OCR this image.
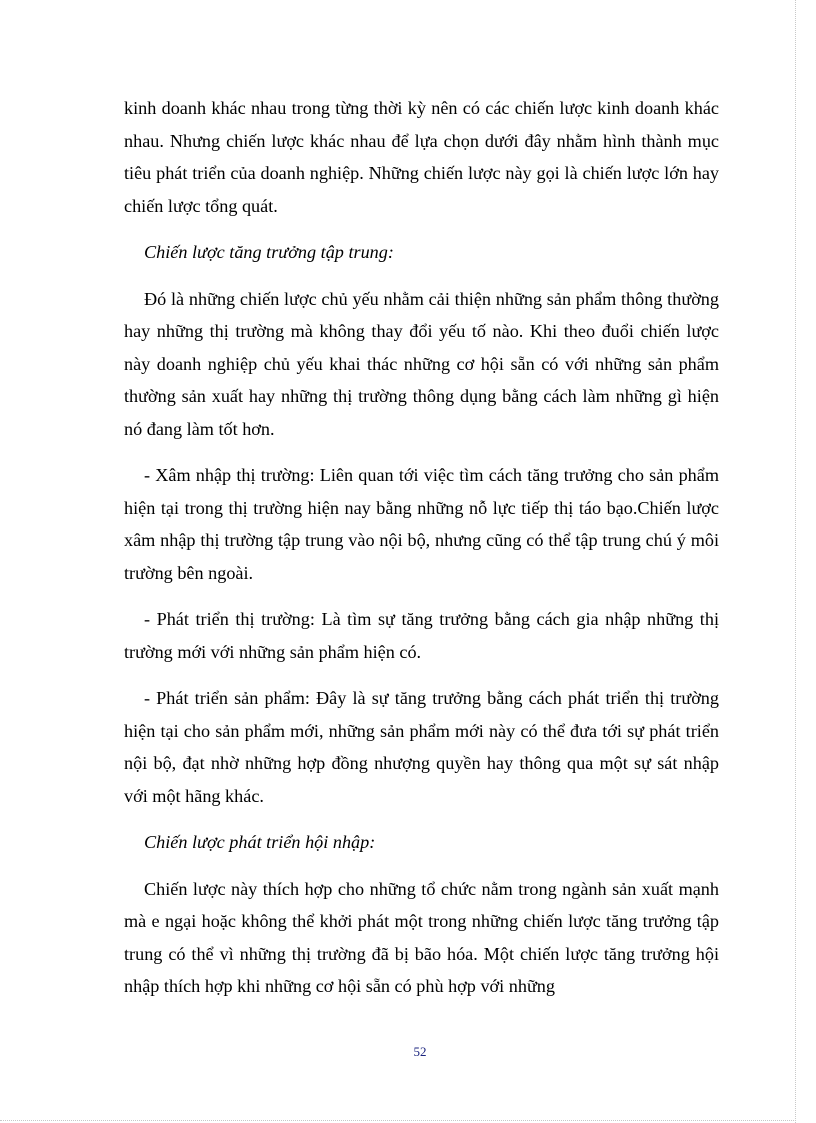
kinh doanh khác nhau trong từng thời kỳ nên có các chiến lược kinh doanh khác nhau. Nhưng chiến lược khác nhau để lựa chọn dưới đây nhằm hình thành mục tiêu phát triển của doanh nghiệp. Những chiến lược này gọi là chiến lược lớn hay chiến lược tổng quát.

Chiến lược tăng trưởng tập trung:

Đó là những chiến lược chủ yếu nhằm cải thiện những sản phẩm thông thường hay những thị trường mà không thay đổi yếu tố nào. Khi theo đuổi chiến lược này doanh nghiệp chủ yếu khai thác những cơ hội sẵn có với những sản phẩm thường sản xuất hay những thị trường thông dụng bằng cách làm những gì hiện nó đang làm tốt hơn.

- Xâm nhập thị trường: Liên quan tới việc tìm cách tăng trưởng cho sản phẩm hiện tại trong thị trường hiện nay bằng những nỗ lực tiếp thị táo bạo.Chiến lược xâm nhập thị trường tập trung vào nội bộ, nhưng cũng có thể tập trung chú ý môi trường bên ngoài.

- Phát triển thị trường: Là tìm sự tăng trưởng bằng cách gia nhập những thị trường mới với những sản phẩm hiện có.

- Phát triển sản phẩm: Đây là sự tăng trưởng bằng cách phát triển thị trường hiện tại cho sản phẩm mới, những sản phẩm mới này có thể đưa tới sự phát triển nội bộ, đạt nhờ những hợp đồng nhượng quyền hay thông qua một sự sát nhập với một hãng khác.

Chiến lược phát triển hội nhập:

Chiến lược này thích hợp cho những tổ chức nằm trong ngành sản xuất mạnh mà e ngại hoặc không thể khởi phát một trong những chiến lược tăng trưởng tập trung có thể vì những thị trường đã bị bão hóa. Một chiến lược tăng trưởng hội nhập thích hợp khi những cơ hội sẵn có phù hợp với những

52
